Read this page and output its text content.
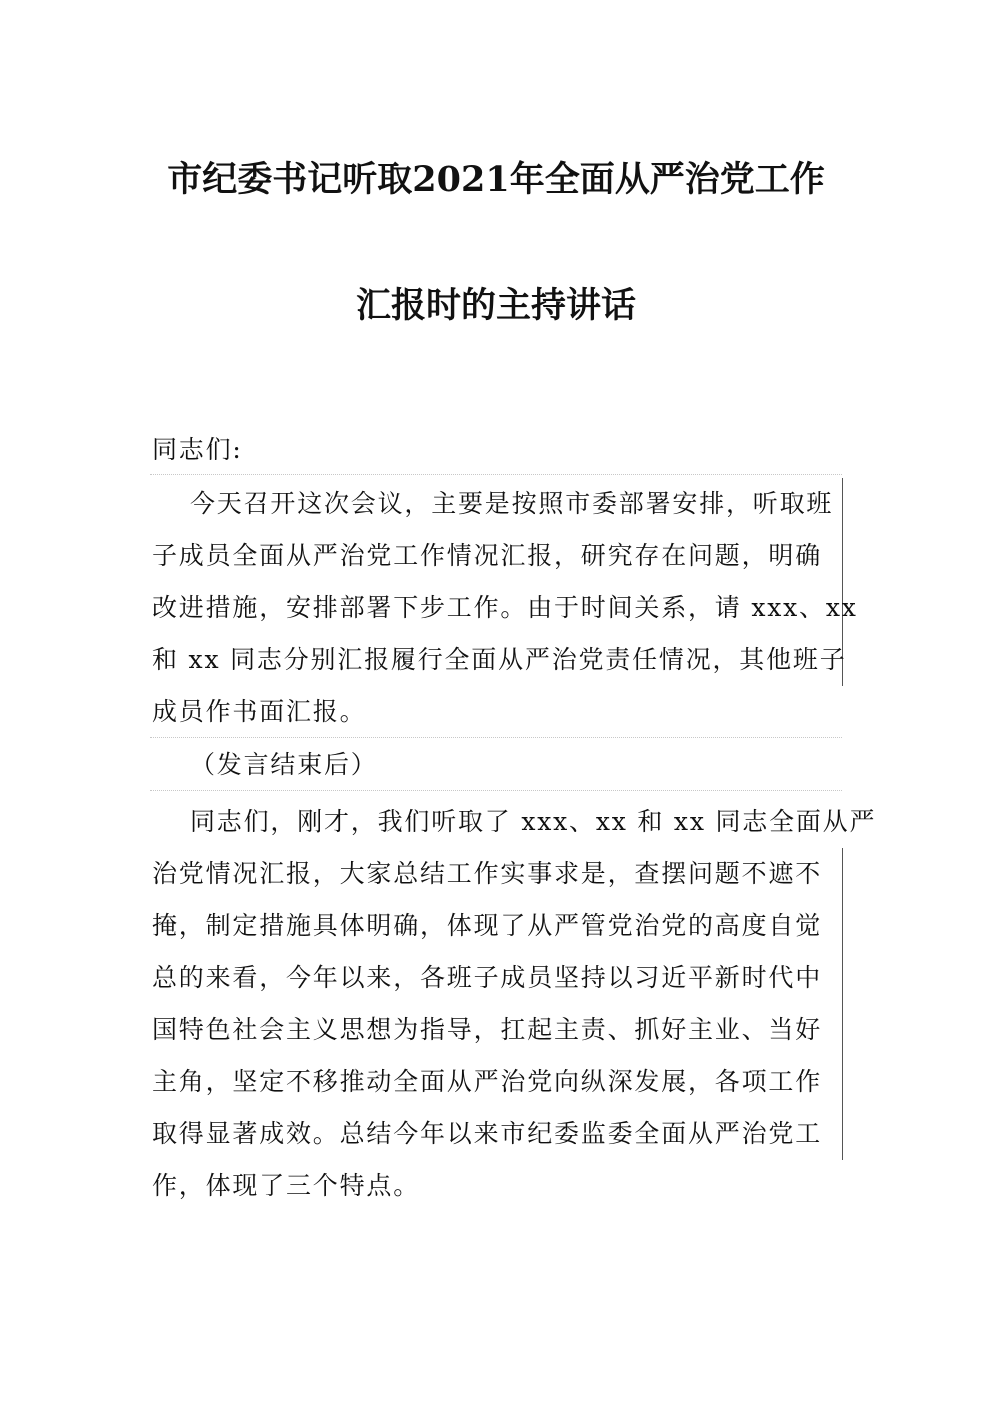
市纪委书记听取2021年全面从严治党工作
汇报时的主持讲话
同志们:
今天召开这次会议，主要是按照市委部署安排，听取班
子成员全面从严治党工作情况汇报，研究存在问题，明确
改进措施，安排部署下步工作。由于时间关系，请 xxx、xx
和 xx 同志分别汇报履行全面从严治党责任情况，其他班子
成员作书面汇报。
（发言结束后）
同志们，刚才，我们听取了 xxx、xx 和 xx 同志全面从严
治党情况汇报，大家总结工作实事求是，查摆问题不遮不
掩，制定措施具体明确，体现了从严管党治党的高度自觉
总的来看，今年以来，各班子成员坚持以习近平新时代中
国特色社会主义思想为指导，扛起主责、抓好主业、当好
主角，坚定不移推动全面从严治党向纵深发展，各项工作
取得显著成效。总结今年以来市纪委监委全面从严治党工
作，体现了三个特点。
